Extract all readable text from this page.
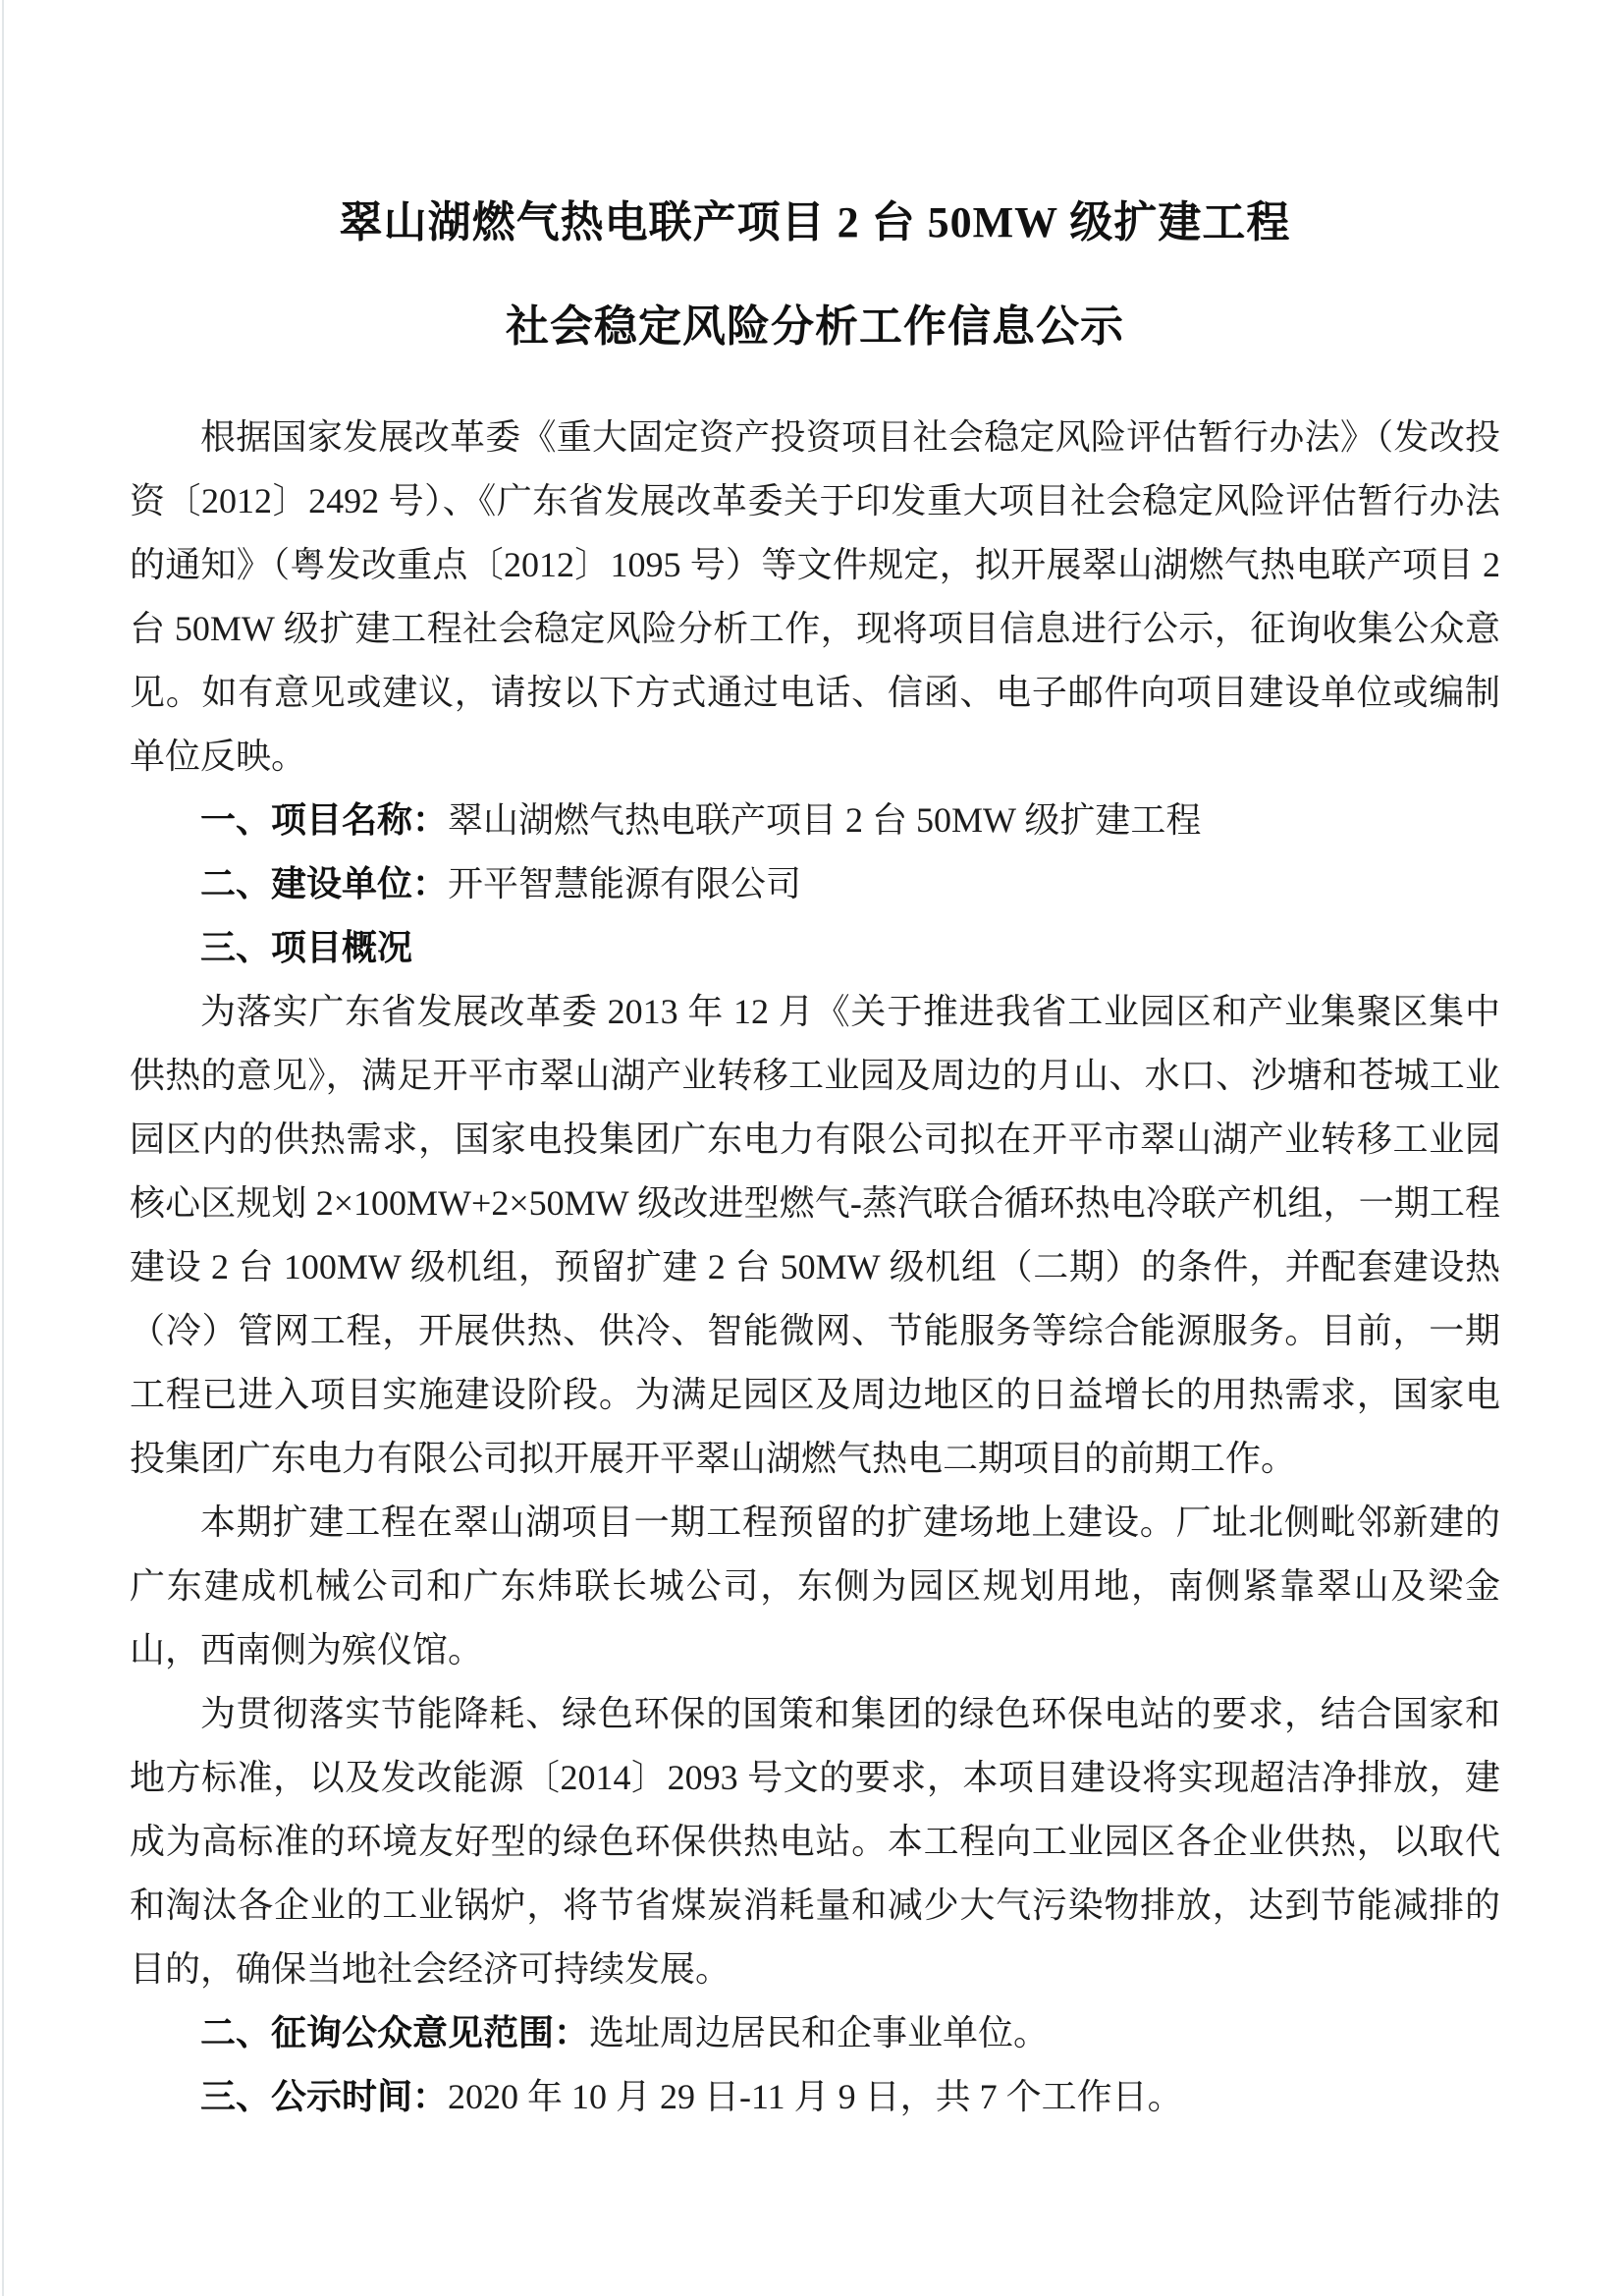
翠山湖燃气热电联产项目 2 台 50MW 级扩建工程
社会稳定风险分析工作信息公示

根据国家发展改革委《重大固定资产投资项目社会稳定风险评估暂行办法》（发改投资〔2012〕2492 号）、《广东省发展改革委关于印发重大项目社会稳定风险评估暂行办法的通知》（粤发改重点〔2012〕1095 号）等文件规定，拟开展翠山湖燃气热电联产项目 2 台 50MW 级扩建工程社会稳定风险分析工作，现将项目信息进行公示，征询收集公众意见。如有意见或建议，请按以下方式通过电话、信函、电子邮件向项目建设单位或编制单位反映。

一、项目名称：翠山湖燃气热电联产项目 2 台 50MW 级扩建工程

二、建设单位：开平智慧能源有限公司

三、项目概况

为落实广东省发展改革委 2013 年 12 月《关于推进我省工业园区和产业集聚区集中供热的意见》，满足开平市翠山湖产业转移工业园及周边的月山、水口、沙塘和苍城工业园区内的供热需求，国家电投集团广东电力有限公司拟在开平市翠山湖产业转移工业园核心区规划 2×100MW+2×50MW 级改进型燃气-蒸汽联合循环热电冷联产机组，一期工程建设 2 台 100MW 级机组，预留扩建 2 台 50MW 级机组（二期）的条件，并配套建设热（冷）管网工程，开展供热、供冷、智能微网、节能服务等综合能源服务。目前，一期工程已进入项目实施建设阶段。为满足园区及周边地区的日益增长的用热需求，国家电投集团广东电力有限公司拟开展开平翠山湖燃气热电二期项目的前期工作。

本期扩建工程在翠山湖项目一期工程预留的扩建场地上建设。厂址北侧毗邻新建的广东建成机械公司和广东炜联长城公司，东侧为园区规划用地，南侧紧靠翠山及梁金山，西南侧为殡仪馆。

为贯彻落实节能降耗、绿色环保的国策和集团的绿色环保电站的要求，结合国家和地方标准，以及发改能源〔2014〕2093 号文的要求，本项目建设将实现超洁净排放，建成为高标准的环境友好型的绿色环保供热电站。本工程向工业园区各企业供热，以取代和淘汰各企业的工业锅炉，将节省煤炭消耗量和减少大气污染物排放，达到节能减排的目的，确保当地社会经济可持续发展。

二、征询公众意见范围：选址周边居民和企事业单位。

三、公示时间：2020 年 10 月 29 日-11 月 9 日，共 7 个工作日。
